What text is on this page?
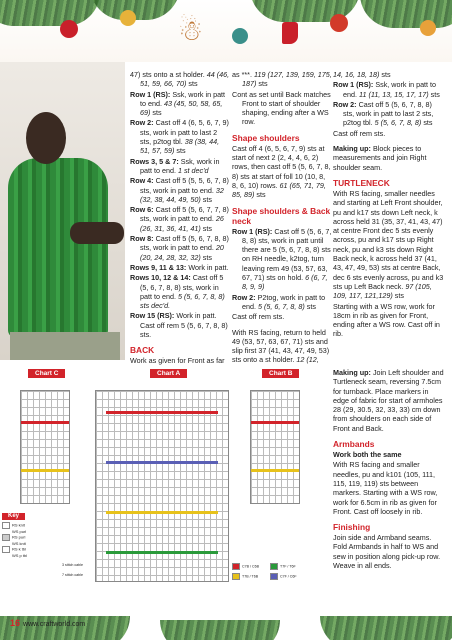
☃

47) sts onto a st holder. 44 (46, 51, 59, 66, 70) sts

Row 1 (RS): Ssk, work in patt to end. 43 (45, 50, 58, 65, 69) sts

Row 2: Cast off 4 (6, 5, 6, 7, 9) sts, work in patt to last 2 sts, p2tog tbl. 38 (38, 44, 51, 57, 59) sts

Rows 3, 5 & 7: Ssk, work in patt to end. 1 st dec'd

Row 4: Cast off 5 (5, 5, 6, 7, 8) sts, work in patt to end. 32 (32, 38, 44, 49, 50) sts

Row 6: Cast off 5 (5, 6, 7, 7, 8) sts, work in patt to end. 26 (26, 31, 36, 41, 41) sts

Row 8: Cast off 5 (5, 6, 7, 8, 8) sts, work in patt to end. 20 (20, 24, 28, 32, 32) sts

Rows 9, 11 & 13: Work in patt.

Rows 10, 12 & 14: Cast off 5 (5, 6, 7, 8, 8) sts, work in patt to end. 5 (5, 6, 7, 8, 8) sts dec'd.

Row 15 (RS): Work in patt. Cast off rem 5 (5, 6, 7, 8, 8) sts.

BACK

Work as given for Front as far

as ***. 119 (127, 139, 159, 175, 187) sts

Cont as set until Back matches Front to start of shoulder shaping, ending after a WS row.

Shape shoulders

Cast off 4 (6, 5, 6, 7, 9) sts at start of next 2 (2, 4, 4, 6, 2) rows, then cast off 5 (5, 6, 7, 8, 8) sts at start of foll 10 (10, 8, 8, 6, 10) rows. 61 (65, 71, 79, 85, 89) sts

Shape shoulders & Back neck

Row 1 (RS): Cast off 5 (5, 6, 7, 8, 8) sts, work in patt until there are 5 (5, 6, 7, 8, 8) sts on RH needle, k2tog, turn leaving rem 49 (53, 57, 63, 67, 71) sts on hold. 6 (6, 7, 8, 9, 9)

Row 2: P2tog, work in patt to end. 5 (5, 6, 7, 8, 8) sts

Cast off rem sts.

With RS facing, return to held 49 (53, 57, 63, 67, 71) sts and slip first 37 (41, 43, 47, 49, 53) sts onto a st holder. 12 (12,

14, 16, 18, 18) sts

Row 1 (RS): Ssk, work in patt to end. 11 (11, 13, 15, 17, 17) sts

Row 2: Cast off 5 (5, 6, 7, 8, 8) sts, work in patt to last 2 sts, p2tog tbl. 5 (5, 6, 7, 8, 8) sts

Cast off rem sts.

Making up: Block pieces to measurements and join Right shoulder seam.

TURTLENECK

With RS facing, smaller needles and starting at Left Front shoulder, pu and k17 sts down Left neck, k across held 31 (35, 37, 41, 43, 47) at centre Front dec 5 sts evenly across, pu and k17 sts up Right neck, pu and k3 sts down Right Back neck, k across held 37 (41, 43, 47, 49, 53) sts at centre Back, dec 6 sts evenly across, pu and k3 sts up Left Back neck. 97 (105, 109, 117, 121,129) sts

Starting with a WS row, work for 18cm in rib as given for Front, ending after a WS row. Cast off in rib.

Making up: Join Left shoulder and Turtleneck seam, reversing 7.5cm for turnback. Place markers in edge of fabric for start of armholes 28 (29, 30.5, 32, 33, 33) cm down from shoulders on each side of Front and Back.

Armbands

Work both the same

With RS facing and smaller needles, pu and k101 (105, 111, 115, 119, 119) sts between markers. Starting with a WS row, work for 6.5cm in rib as given for Front. Cast off loosely in rib.

Finishing

Join side and Armband seams. Fold Armbands in half to WS and sew in position along pick-up row. Weave in all ends.

Chart C	Chart A	Chart B
Key
RS knit
WS purl
RS purl
WS knit
RS k tbl
WS p tbl
3 stitch cable
7 stitch cable
C7B / C6B	T7F / T6F
T7B / T6B	C7F / C6F
16 www.craftworld.com
